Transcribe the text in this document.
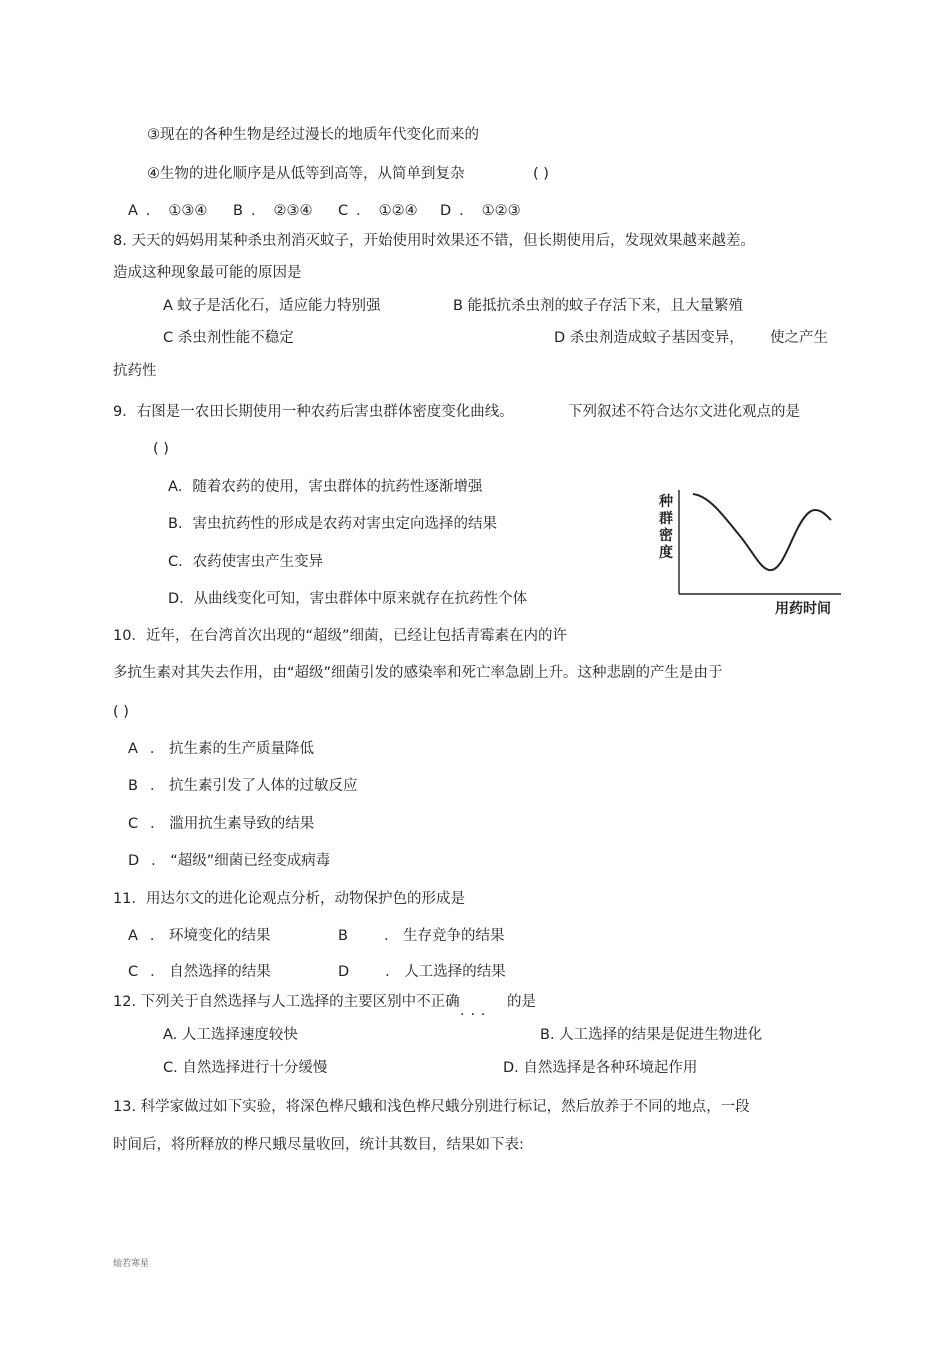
③现在的各种生物是经过漫长的地质年代变化而来的
④生物的进化顺序是从低等到高等，从简单到复杂	( )
A ． ①③④ B ． ②③④ C ． ①②④ D ． ①②③
8. 天天的妈妈用某种杀虫剂消灭蚊子，开始使用时效果还不错，但长期使用后，发现效果越来越差。
造成这种现象最可能的原因是
A 蚊子是活化石，适应能力特别强	B 能抵抗杀虫剂的蚊子存活下来，且大量繁殖
C 杀虫剂性能不稳定	D 杀虫剂造成蚊子基因变异， 使之产生
抗药性
9．右图是一农田长期使用一种农药后害虫群体密度变化曲线。	下列叙述不符合达尔文进化观点的是
( )
A．随着农药的使用，害虫群体的抗药性逐渐增强
B．害虫抗药性的形成是农药对害虫定向选择的结果
C．农药使害虫产生变异
D．从曲线变化可知，害虫群体中原来就存在抗药性个体
种
群
密
度
用药时间
10．近年，在台湾首次出现的“超级”细菌，已经让包括青霉素在内的许
多抗生素对其失去作用，由“超级”细菌引发的感染率和死亡率急剧上升。这种悲剧的产生是由于
( )
A ． 抗生素的生产质量降低
B ． 抗生素引发了人体的过敏反应
C ． 滥用抗生素导致的结果
D ． “超级”细菌已经变成病毒
11．用达尔文的进化论观点分析，动物保护色的形成是
A ． 环境变化的结果	B ． 生存竞争的结果
C ． 自然选择的结果	D ． 人工选择的结果
12. 下列关于自然选择与人工选择的主要区别中不正确
...
的是
A. 人工选择速度较快	B. 人工选择的结果是促进生物进化
C. 自然选择进行十分缓慢	D. 自然选择是各种环境起作用
13. 科学家做过如下实验，将深色桦尺蛾和浅色桦尺蛾分别进行标记，然后放养于不同的地点，一段
时间后，将所释放的桦尺蛾尽量收回，统计其数目，结果如下表:
灿若寒星
